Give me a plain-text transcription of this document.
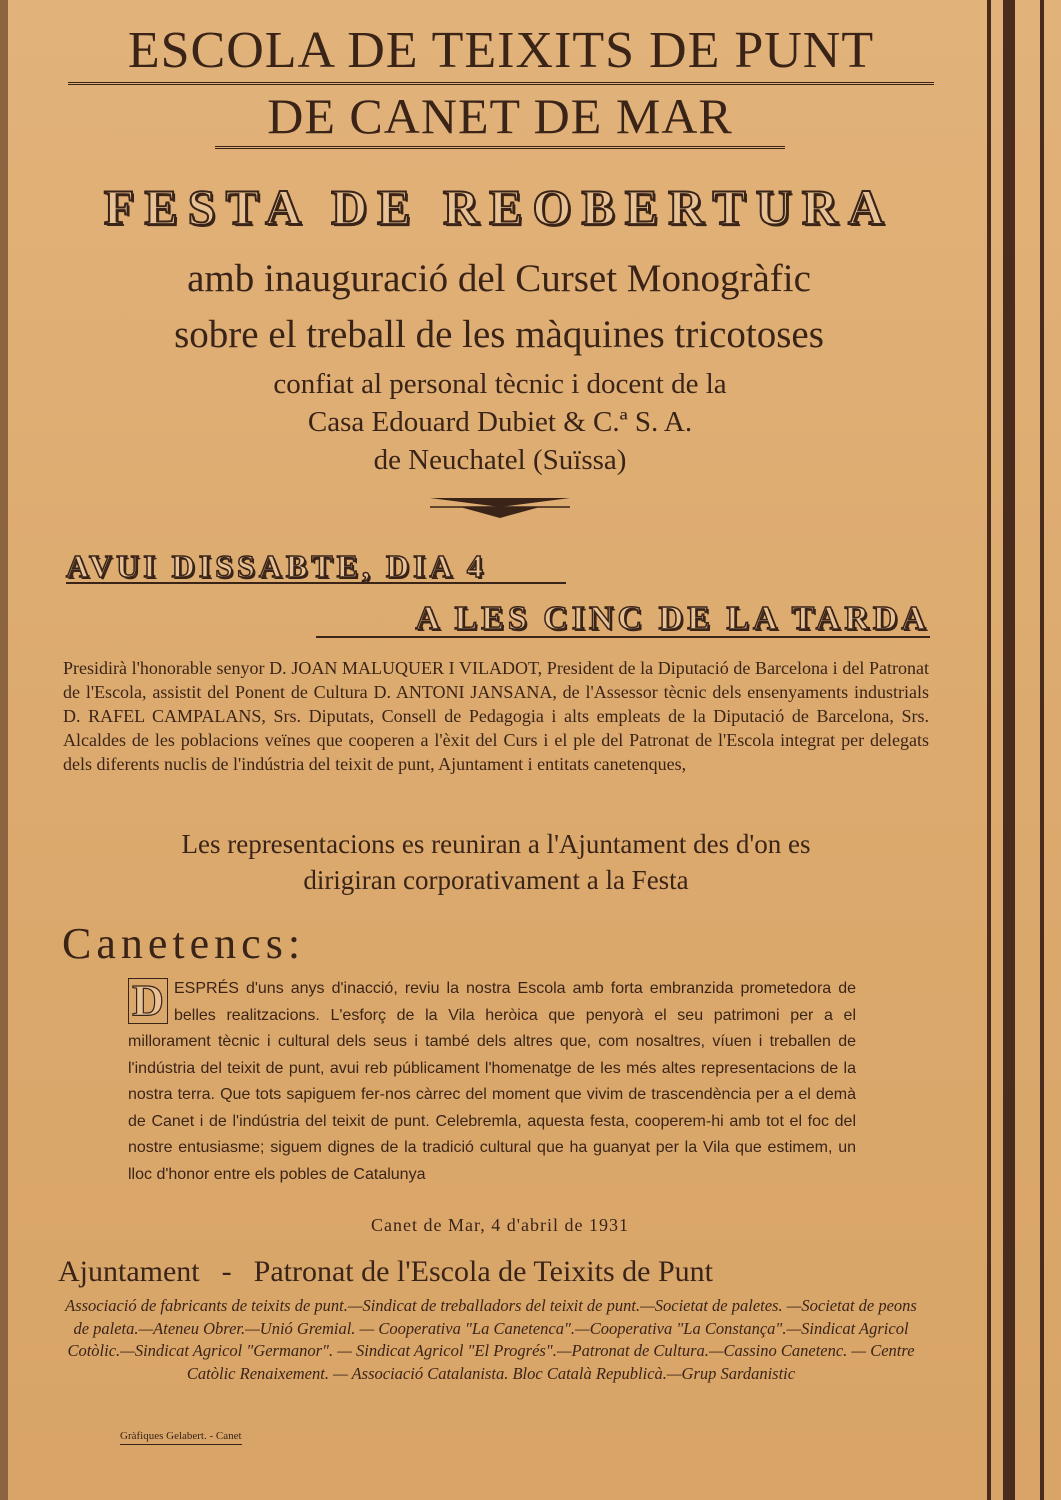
ESCOLA DE TEIXITS DE PUNT
DE CANET DE MAR
FESTA DE REOBERTURA
amb inauguració del Curset Monogràfic
sobre el treball de les màquines tricotoses
confiat al personal tècnic i docent de la
Casa Edouard Dubiet & C.ª S. A.
de Neuchatel (Suïssa)
AVUI DISSABTE, DIA 4
A LES CINC DE LA TARDA
Presidirà l'honorable senyor D. JOAN MALUQUER I VILADOT, President de la Diputació de Barcelona i del Patronat de l'Escola, assistit del Ponent de Cultura D. ANTONI JANSANA, de l'Assessor tècnic dels ensenyaments industrials D. RAFEL CAMPALANS, Srs. Diputats, Consell de Pedagogia i alts empleats de la Diputació de Barcelona, Srs. Alcaldes de les poblacions veïnes que cooperen a l'èxit del Curs i el ple del Patronat de l'Escola integrat per delegats dels diferents nuclis de l'indústria del teixit de punt, Ajuntament i entitats canetenques,
Les representacions es reuniran a l'Ajuntament des d'on es
dirigiran corporativament a la Festa
Canetencs:
D ESPRÉS d'uns anys d'inacció, reviu la nostra Escola amb forta embranzida prometedora de belles realitzacions. L'esforç de la Vila heròica que penyorà el seu patrimoni per a el millorament tècnic i cultural dels seus i també dels altres que, com nosaltres, víuen i treballen de l'indústria del teixit de punt, avui reb públicament l'homenatge de les més altes representacions de la nostra terra. Que tots sapiguem fer-nos càrrec del moment que vivim de trascendència per a el demà de Canet i de l'indústria del teixit de punt. Celebremla, aquesta festa, cooperem-hi amb tot el foc del nostre entusiasme; siguem dignes de la tradició cultural que ha guanyat per la Vila que estimem, un lloc d'honor entre els pobles de Catalunya
Canet de Mar, 4 d'abril de 1931
Ajuntament - Patronat de l'Escola de Teixits de Punt
Associació de fabricants de teixits de punt.—Sindicat de treballadors del teixit de punt.—Societat de paletes. —Societat de peons de paleta.—Ateneu Obrer.—Unió Gremial. — Cooperativa "La Canetenca".—Cooperativa "La Constança".—Sindicat Agricol Cotòlic.—Sindicat Agricol "Germanor". — Sindicat Agricol "El Progrés".—Patronat de Cultura.—Cassino Canetenc. — Centre Catòlic Renaixement. — Associació Catalanista. Bloc Català Republicà.—Grup Sardanistic
Gràfiques Gelabert. - Canet
